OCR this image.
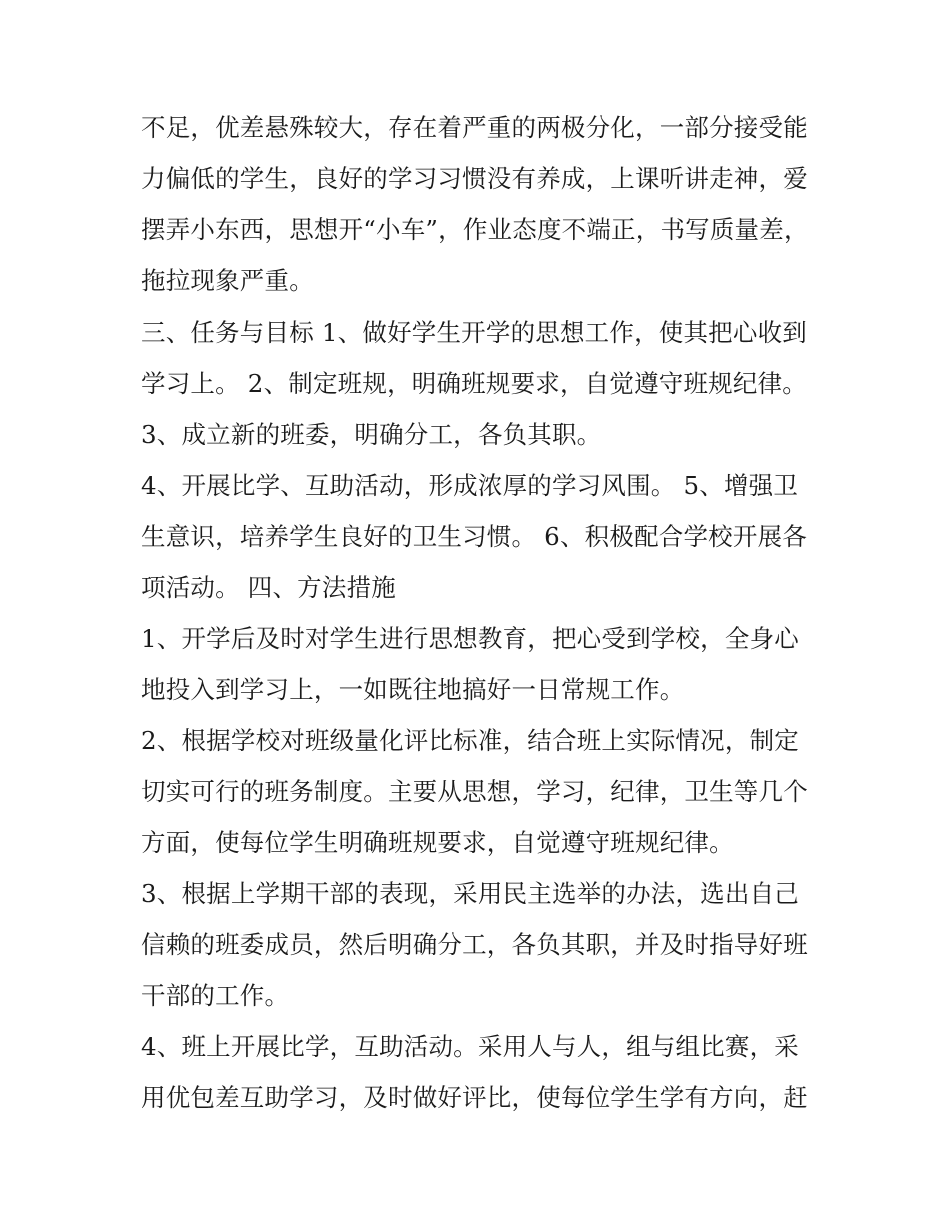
不足，优差悬殊较大，存在着严重的两极分化，一部分接受能
力偏低的学生，良好的学习习惯没有养成，上课听讲走神，爱
摆弄小东西，思想开“小车”，作业态度不端正，书写质量差，
拖拉现象严重。
三、任务与目标 1、做好学生开学的思想工作，使其把心收到
学习上。 2、制定班规，明确班规要求，自觉遵守班规纪律。
3、成立新的班委，明确分工，各负其职。
4、开展比学、互助活动，形成浓厚的学习风围。 5、增强卫
生意识，培养学生良好的卫生习惯。 6、积极配合学校开展各
项活动。 四、方法措施
1、开学后及时对学生进行思想教育，把心受到学校，全身心
地投入到学习上，一如既往地搞好一日常规工作。
2、根据学校对班级量化评比标准，结合班上实际情况，制定
切实可行的班务制度。主要从思想，学习，纪律，卫生等几个
方面，使每位学生明确班规要求，自觉遵守班规纪律。
3、根据上学期干部的表现，采用民主选举的办法，选出自己
信赖的班委成员，然后明确分工，各负其职，并及时指导好班
干部的工作。
4、班上开展比学，互助活动。采用人与人，组与组比赛，采
用优包差互助学习，及时做好评比，使每位学生学有方向，赶
